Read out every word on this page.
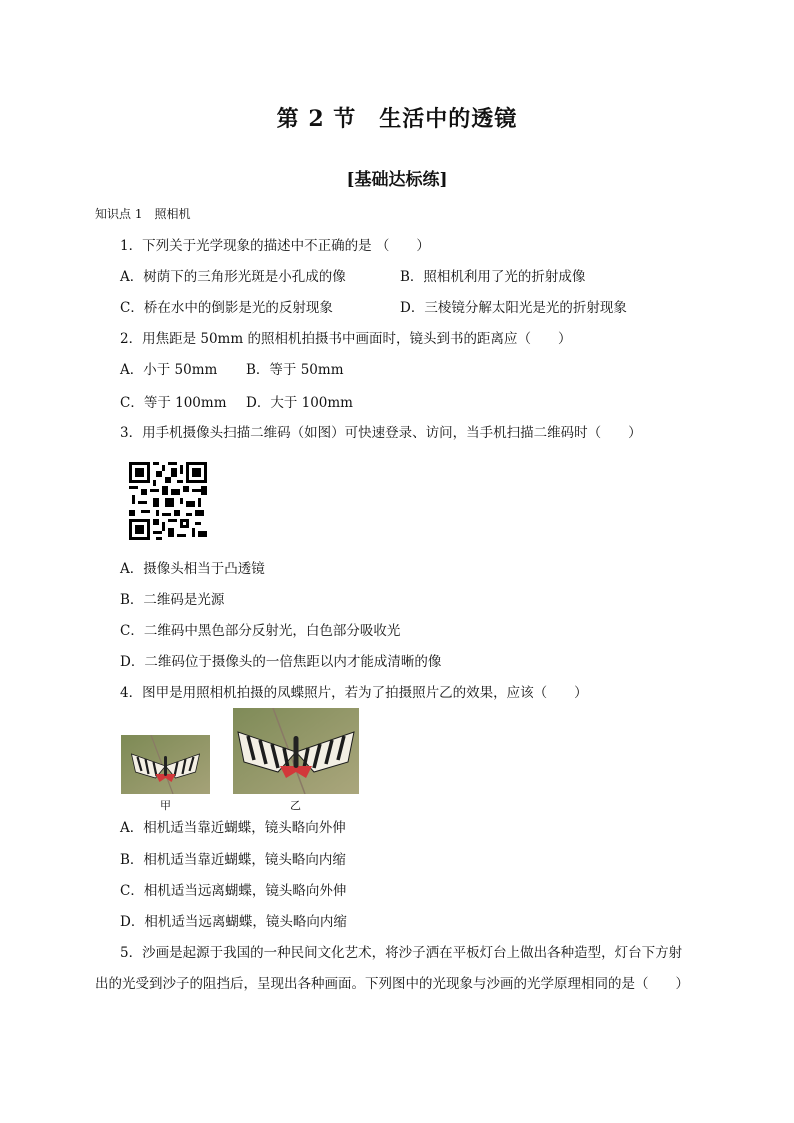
第 2 节　生活中的透镜
[基础达标练]
知识点 1　照相机
1．下列关于光学现象的描述中不正确的是 （　　）
A．树荫下的三角形光斑是小孔成的像	B．照相机利用了光的折射成像
C．桥在水中的倒影是光的反射现象	D．三棱镜分解太阳光是光的折射现象
2．用焦距是 50mm 的照相机拍摄书中画面时，镜头到书的距离应（　　）
A．小于 50mm B．等于 50mm
C．等于 100mm D．大于 100mm
3．用手机摄像头扫描二维码（如图）可快速登录、访问，当手机扫描二维码时（　　）
A．摄像头相当于凸透镜
B．二维码是光源
C．二维码中黑色部分反射光，白色部分吸收光
D．二维码位于摄像头的一倍焦距以内才能成清晰的像
4．图甲是用照相机拍摄的凤蝶照片，若为了拍摄照片乙的效果，应该（　　）
甲	乙
A．相机适当靠近蝴蝶，镜头略向外伸
B．相机适当靠近蝴蝶，镜头略向内缩
C．相机适当远离蝴蝶，镜头略向外伸
D．相机适当远离蝴蝶，镜头略向内缩
5．沙画是起源于我国的一种民间文化艺术，将沙子洒在平板灯台上做出各种造型，灯台下方射
出的光受到沙子的阻挡后，呈现出各种画面。下列图中的光现象与沙画的光学原理相同的是（　　）
